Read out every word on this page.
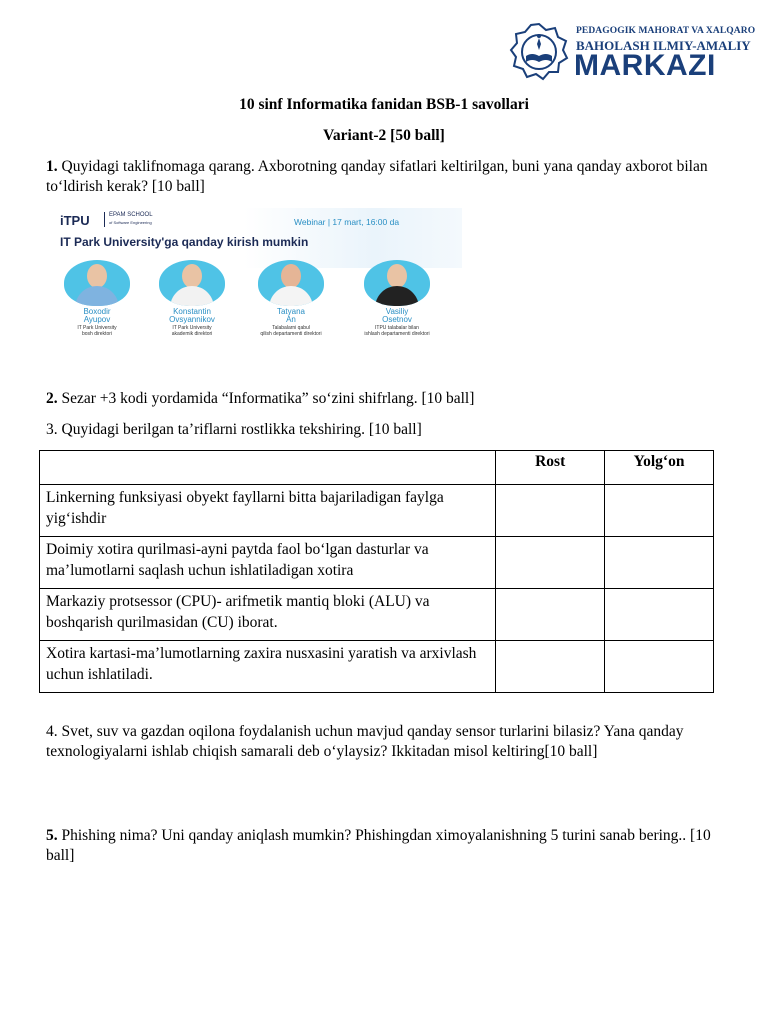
PEDAGOGIK MAHORAT VA XALQARO
BAHOLASH ILMIY-AMALIY
MARKAZI
10 sinf Informatika fanidan BSB-1 savollari
Variant-2 [50 ball]
1. Quyidagi taklifnomaga qarang. Axborotning qanday sifatlari keltirilgan, buni yana qanday axborot bilan to‘ldirish kerak? [10 ball]
iTPU	EPAM SCHOOL
of Software Engineering	Webinar | 17 mart, 16:00 da
IT Park University'ga qanday kirish mumkin
Boxodir
Ayupov
IT Park University
bosh direktori
Konstantin
Ovsyannikov
IT Park University
akademik direktori
Tatyana
An
Talabalarni qabul
qilish departamenti direktori
Vasiliy
Osetnov
ITPU talabalar bilan
ishlash departamenti direktori
2. Sezar +3 kodi yordamida “Informatika” so‘zini shifrlang. [10 ball]
3. Quyidagi berilgan ta’riflarni rostlikka tekshiring. [10 ball]
	Rost	Yolg‘on
Linkerning funksiyasi obyekt fayllarni bitta bajariladigan faylga yig‘ishdir		
Doimiy xotira qurilmasi-ayni paytda faol bo‘lgan dasturlar va ma’lumotlarni saqlash uchun ishlatiladigan xotira		
Markaziy protsessor (CPU)- arifmetik mantiq bloki (ALU) va boshqarish qurilmasidan (CU) iborat.		
Xotira kartasi-ma’lumotlarning zaxira nusxasini yaratish va arxivlash uchun ishlatiladi.		
4. Svet, suv va gazdan oqilona foydalanish uchun mavjud qanday sensor turlarini bilasiz? Yana qanday texnologiyalarni ishlab chiqish samarali deb o‘ylaysiz? Ikkitadan misol keltiring[10 ball]
5. Phishing nima? Uni qanday aniqlash mumkin? Phishingdan ximoyalanishning 5 turini sanab bering.. [10 ball]
